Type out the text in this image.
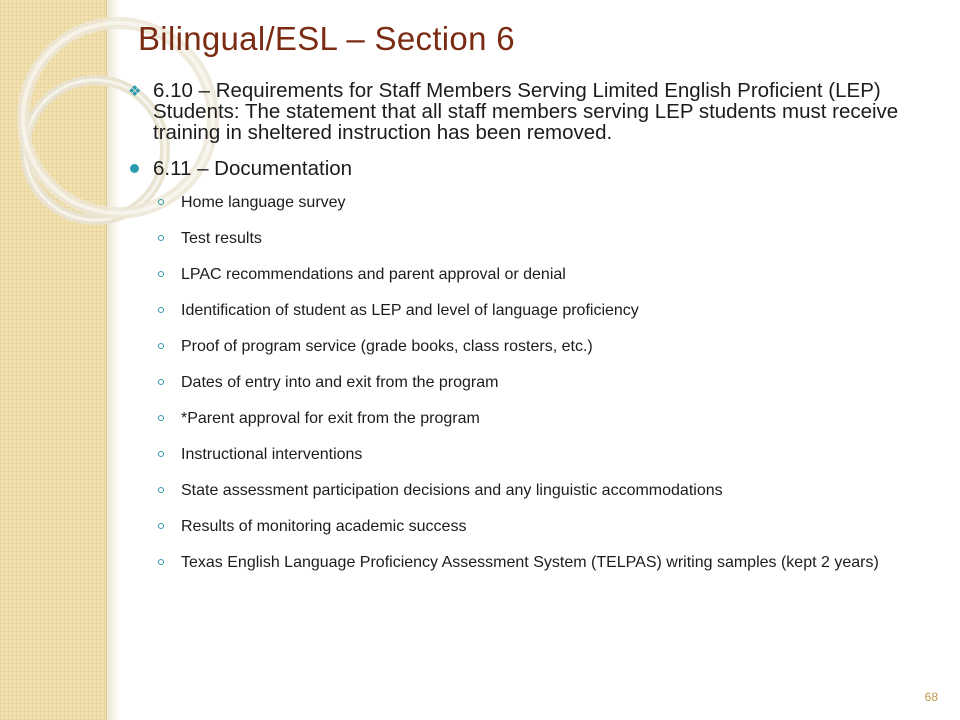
Bilingual/ESL – Section 6
❖ 6.10 – Requirements for Staff Members Serving Limited English Proficient (LEP) Students: The statement that all staff members serving LEP students must receive training in sheltered instruction has been removed.
6.11 – Documentation
Home language survey
Test results
LPAC recommendations and parent approval or denial
Identification of student as LEP and level of language proficiency
Proof of program service (grade books, class rosters, etc.)
Dates of entry into and exit from the program
*Parent approval for exit from the program
Instructional interventions
State assessment participation decisions and any linguistic accommodations
Results of monitoring academic success
Texas English Language Proficiency Assessment System (TELPAS) writing samples (kept 2 years)
68
